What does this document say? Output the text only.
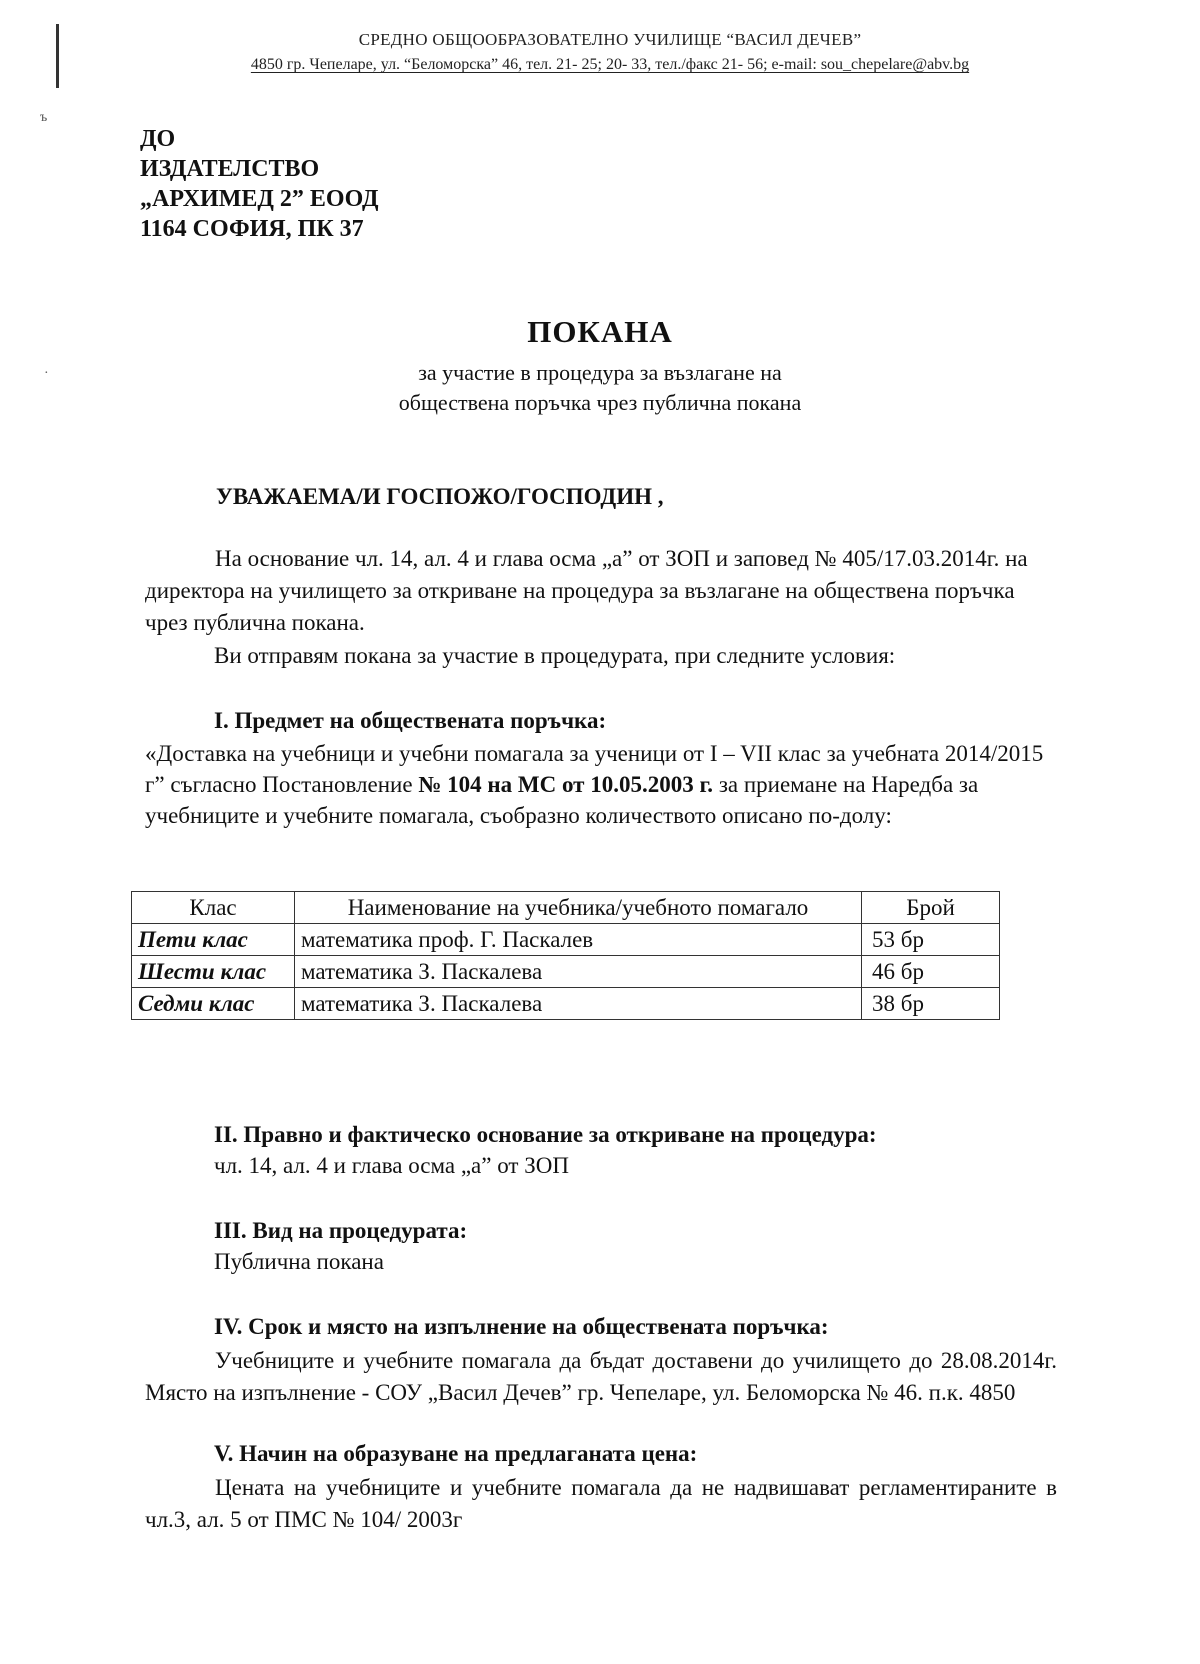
ъ
·
СРЕДНО ОБЩООБРАЗОВАТЕЛНО УЧИЛИЩЕ “ВАСИЛ ДЕЧЕВ”
4850 гр. Чепеларе, ул. “Беломорска” 46, тел. 21- 25; 20- 33, тел./факс 21- 56; e-mail: sou_chepelare@abv.bg
ДО
ИЗДАТЕЛСТВО
„АРХИМЕД 2” ЕООД
1164 СОФИЯ, ПК 37
ПОКАНА
за участие в процедура за възлагане на
обществена поръчка чрез публична покана
УВАЖАЕМА/И ГОСПОЖО/ГОСПОДИН ,
На основание чл. 14, ал. 4 и глава осма „а” от ЗОП и заповед № 405/17.03.2014г. на директора на училището за откриване на процедура за възлагане на обществена поръчка чрез публична покана.
Ви отправям покана за участие в процедурата, при следните условия:
І. Предмет на обществената поръчка:
«Доставка на учебници и учебни помагала за ученици от I – VII клас за учебната 2014/2015 г” съгласно Постановление № 104 на МС от 10.05.2003 г. за приемане на Наредба за учебниците и учебните помагала, съобразно количеството описано по-долу:
Клас	Наименование на учебника/учебното помагало	Брой
Пети клас	математика проф. Г. Паскалев	53 бр
Шести клас	математика З. Паскалева	46 бр
Седми клас	математика З. Паскалева	38 бр
ІІ. Правно и фактическо основание за откриване на процедура:
чл. 14, ал. 4 и глава осма „а” от ЗОП
ІІІ. Вид на процедурата:
Публична покана
ІV. Срок и място на изпълнение на обществената поръчка:
Учебниците и учебните помагала да бъдат доставени до училището до 28.08.2014г. Място на изпълнение - СОУ „Васил Дечев” гр. Чепеларе, ул. Беломорска № 46. п.к. 4850
V. Начин на образуване на предлаганата цена:
Цената на учебниците и учебните помагала да не надвишават регламентираните в чл.3, ал. 5 от ПМС № 104/ 2003г
